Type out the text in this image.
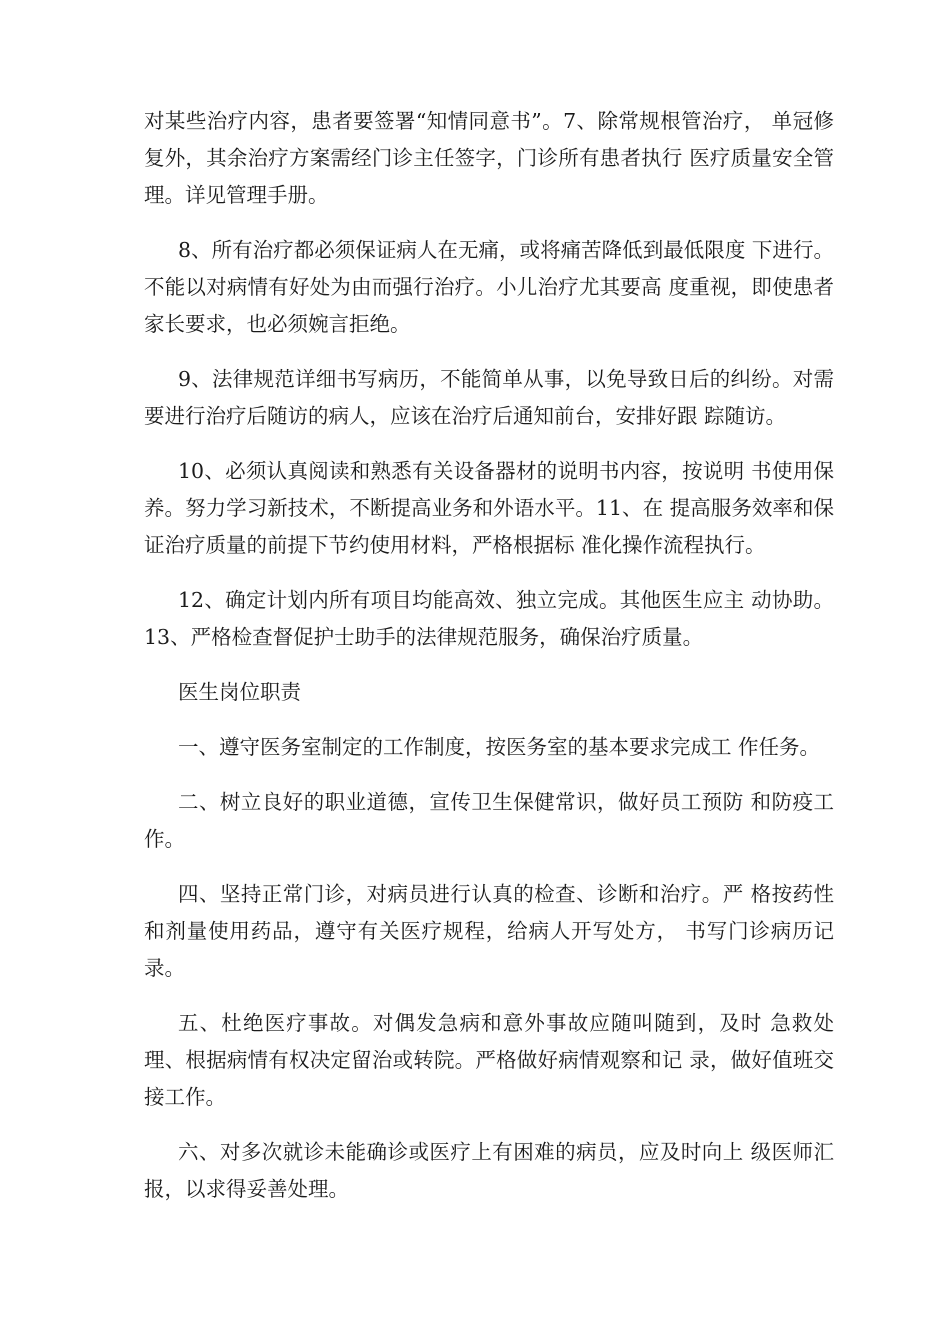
对某些治疗内容，患者要签署“知情同意书”。7、除常规根管治疗， 单冠修复外，其余治疗方案需经门诊主任签字，门诊所有患者执行 医疗质量安全管理。详见管理手册。

8、所有治疗都必须保证病人在无痛，或将痛苦降低到最低限度 下进行。不能以对病情有好处为由而强行治疗。小儿治疗尤其要高 度重视，即使患者家长要求，也必须婉言拒绝。

9、法律规范详细书写病历，不能简单从事，以免导致日后的纠纷。对需要进行治疗后随访的病人，应该在治疗后通知前台，安排好跟 踪随访。

10、必须认真阅读和熟悉有关设备器材的说明书内容，按说明 书使用保养。努力学习新技术，不断提高业务和外语水平。11、在 提高服务效率和保证治疗质量的前提下节约使用材料，严格根据标 准化操作流程执行。

12、确定计划内所有项目均能高效、独立完成。其他医生应主 动协助。13、严格检查督促护士助手的法律规范服务，确保治疗质量。

医生岗位职责

一、遵守医务室制定的工作制度，按医务室的基本要求完成工 作任务。

二、树立良好的职业道德，宣传卫生保健常识，做好员工预防 和防疫工作。

四、坚持正常门诊，对病员进行认真的检查、诊断和治疗。严 格按药性和剂量使用药品，遵守有关医疗规程，给病人开写处方， 书写门诊病历记录。

五、杜绝医疗事故。对偶发急病和意外事故应随叫随到，及时 急救处理、根据病情有权决定留治或转院。严格做好病情观察和记 录，做好值班交接工作。

六、对多次就诊未能确诊或医疗上有困难的病员，应及时向上 级医师汇报，以求得妥善处理。
